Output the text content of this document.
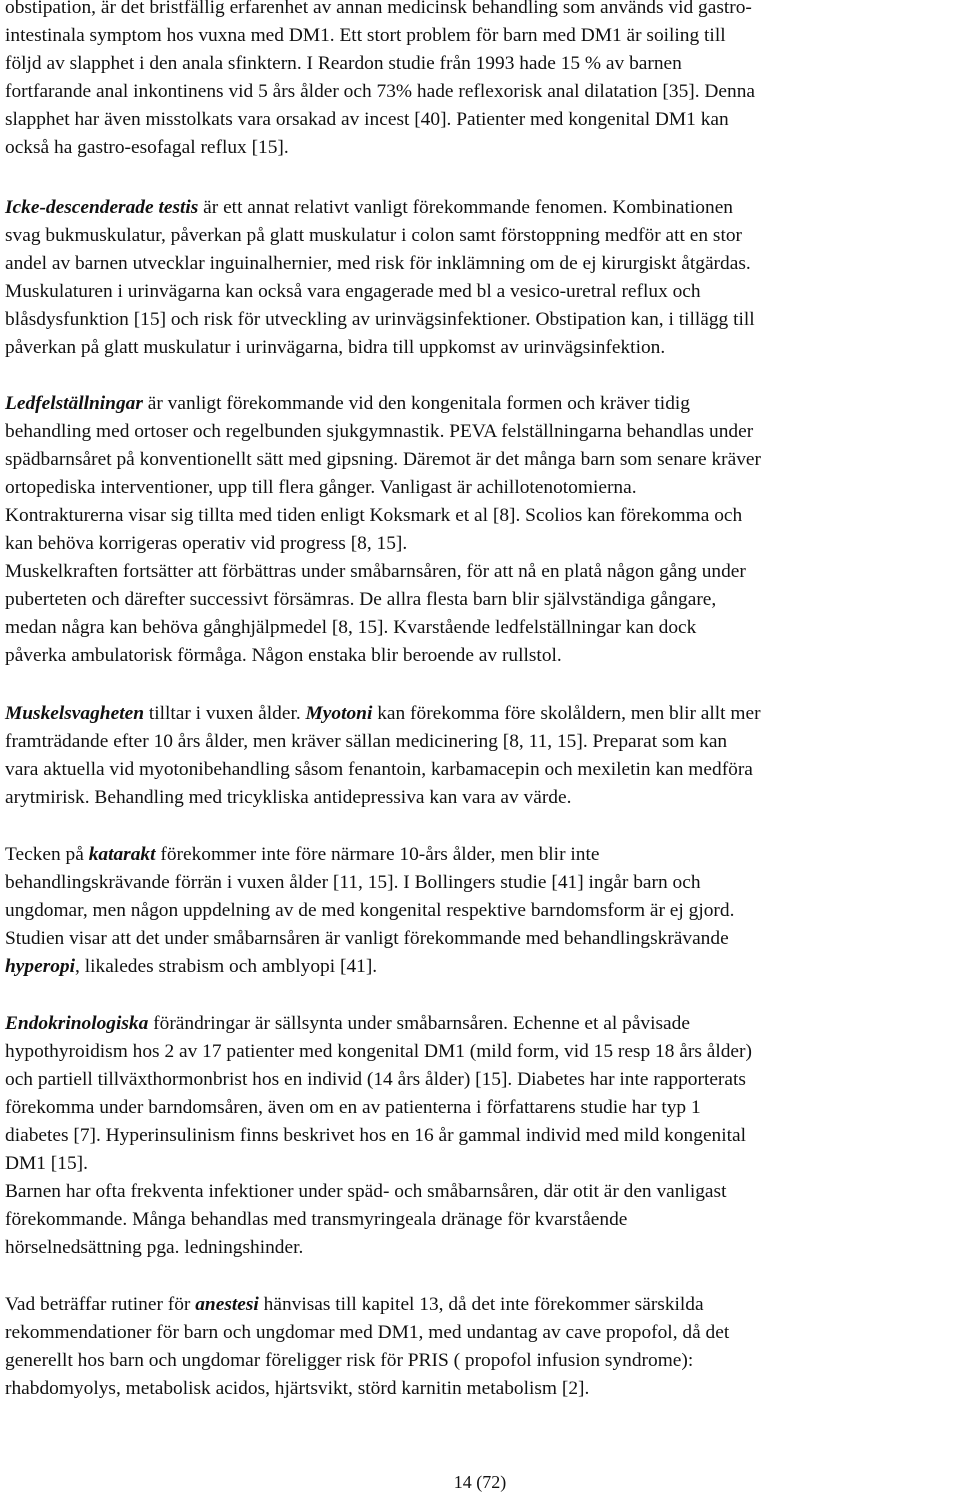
obstipation, är det bristfällig erfarenhet av annan medicinsk behandling som används vid gastro-

intestinala symptom hos vuxna med DM1. Ett stort problem för barn med DM1 är soiling till

följd av slapphet i den anala sfinktern. I Reardon studie från 1993 hade 15 % av barnen

fortfarande anal inkontinens vid 5 års ålder och 73% hade reflexorisk anal dilatation [35]. Denna

slapphet har även misstolkats vara orsakad av incest [40]. Patienter med kongenital DM1 kan

också ha gastro-esofagal reflux [15].

Icke-descenderade testis är ett annat relativt vanligt förekommande fenomen. Kombinationen

svag bukmuskulatur, påverkan på glatt muskulatur i colon samt förstoppning medför att en stor

andel av barnen utvecklar inguinalhernier, med risk för inklämning om de ej kirurgiskt åtgärdas.

Muskulaturen i urinvägarna kan också vara engagerade med bl a vesico-uretral reflux och

blåsdysfunktion [15] och risk för utveckling av urinvägsinfektioner. Obstipation kan, i tillägg till

påverkan på glatt muskulatur i urinvägarna, bidra till uppkomst av urinvägsinfektion.

Ledfelställningar är vanligt förekommande vid den kongenitala formen och kräver tidig

behandling med ortoser och regelbunden sjukgymnastik. PEVA felställningarna behandlas under

spädbarnsåret på konventionellt sätt med gipsning. Däremot är det många barn som senare kräver

ortopediska interventioner, upp till flera gånger. Vanligast är achillotenotomierna.

Kontrakturerna visar sig tillta med tiden enligt Koksmark et al [8]. Scolios kan förekomma och

kan behöva korrigeras operativ vid progress [8, 15].

Muskelkraften fortsätter att förbättras under småbarnsåren, för att nå en platå någon gång under

puberteten och därefter successivt försämras. De allra flesta barn blir självständiga gångare,

medan några kan behöva gånghjälpmedel [8, 15]. Kvarstående ledfelställningar kan dock

påverka ambulatorisk förmåga. Någon enstaka blir beroende av rullstol.

Muskelsvagheten tilltar i vuxen ålder. Myotoni kan förekomma före skolåldern, men blir allt mer

framträdande efter 10 års ålder, men kräver sällan medicinering [8, 11, 15]. Preparat som kan

vara aktuella vid myotonibehandling såsom fenantoin, karbamacepin och mexiletin kan medföra

arytmirisk. Behandling med tricykliska antidepressiva kan vara av värde.

Tecken på katarakt förekommer inte före närmare 10-års ålder, men blir inte

behandlingskrävande förrän i vuxen ålder [11, 15]. I Bollingers studie [41] ingår barn och

ungdomar, men någon uppdelning av de med kongenital respektive barndomsform är ej gjord.

Studien visar att det under småbarnsåren är vanligt förekommande med behandlingskrävande

hyperopi, likaledes strabism och amblyopi [41].

Endokrinologiska förändringar är sällsynta under småbarnsåren. Echenne et al påvisade

hypothyroidism hos 2 av 17 patienter med kongenital DM1 (mild form, vid 15 resp 18 års ålder)

och partiell tillväxthormonbrist hos en individ (14 års ålder) [15]. Diabetes har inte rapporterats

förekomma under barndomsåren, även om en av patienterna i författarens studie har typ 1

diabetes [7]. Hyperinsulinism finns beskrivet hos en 16 år gammal individ med mild kongenital

DM1 [15].

Barnen har ofta frekventa infektioner under späd- och småbarnsåren, där otit är den vanligast

förekommande. Många behandlas med transmyringeala dränage för kvarstående

hörselnedsättning pga. ledningshinder.

Vad beträffar rutiner för anestesi hänvisas till kapitel 13, då det inte förekommer särskilda

rekommendationer för barn och ungdomar med DM1, med undantag av cave propofol, då det

generellt hos barn och ungdomar föreligger risk för PRIS ( propofol infusion syndrome):

rhabdomyolys, metabolisk acidos, hjärtsvikt, störd karnitin metabolism [2].

14 (72)
